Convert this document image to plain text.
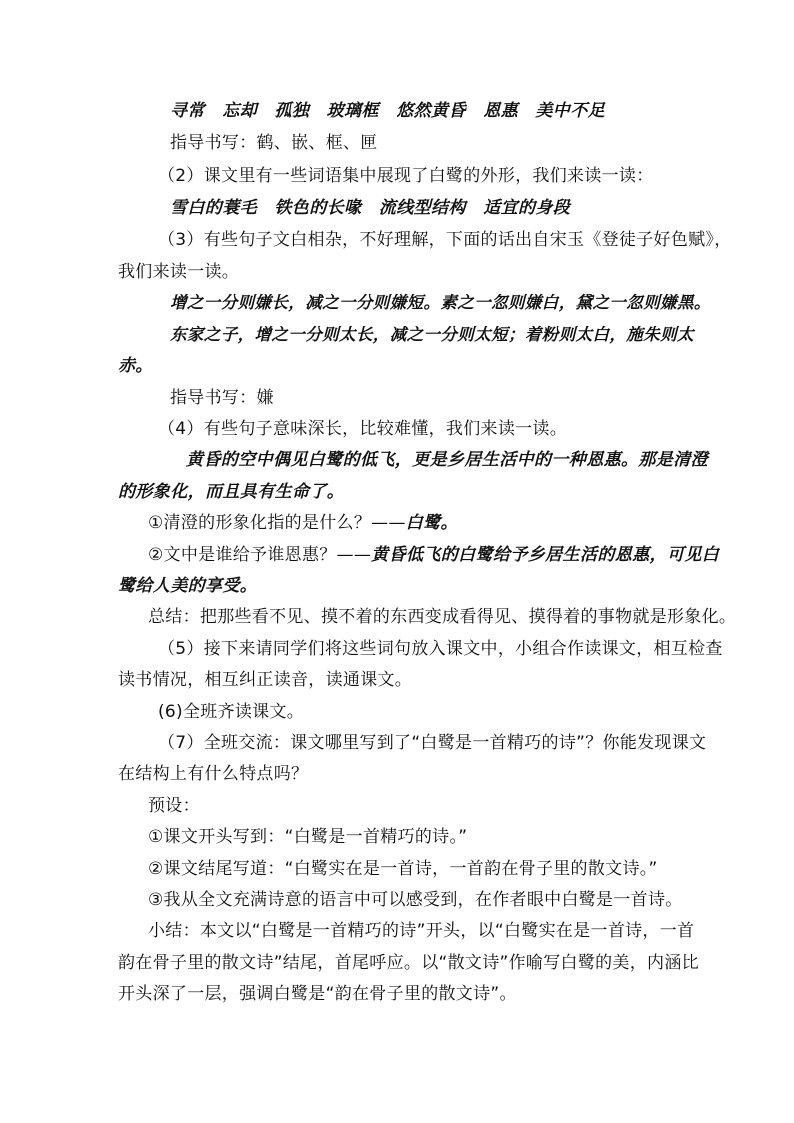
寻常　忘却　孤独　玻璃框　悠然黄昏　恩惠　美中不足
指导书写：鹤、嵌、框、匣
（2）课文里有一些词语集中展现了白鹭的外形，我们来读一读：
雪白的蓑毛　铁色的长喙　流线型结构　适宜的身段
（3）有些句子文白相杂，不好理解，下面的话出自宋玉《登徒子好色赋》，
我们来读一读。
增之一分则嫌长，减之一分则嫌短。素之一忽则嫌白，黛之一忽则嫌黑。
东家之子，增之一分则太长，减之一分则太短；着粉则太白，施朱则太
赤。
指导书写：嫌
（4）有些句子意味深长，比较难懂，我们来读一读。
黄昏的空中偶见白鹭的低飞，更是乡居生活中的一种恩惠。那是清澄
的形象化，而且具有生命了。
①清澄的形象化指的是什么？——白鹭。
②文中是谁给予谁恩惠？——黄昏低飞的白鹭给予乡居生活的恩惠，可见白
鹭给人美的享受。
总结：把那些看不见、摸不着的东西变成看得见、摸得着的事物就是形象化。
（5）接下来请同学们将这些词句放入课文中，小组合作读课文，相互检查
读书情况，相互纠正读音，读通课文。
(6)全班齐读课文。
（7）全班交流：课文哪里写到了“白鹭是一首精巧的诗”？你能发现课文
在结构上有什么特点吗？
预设：
①课文开头写到：“白鹭是一首精巧的诗。”
②课文结尾写道：“白鹭实在是一首诗，一首韵在骨子里的散文诗。”
③我从全文充满诗意的语言中可以感受到，在作者眼中白鹭是一首诗。
小结：本文以“白鹭是一首精巧的诗”开头，以“白鹭实在是一首诗，一首
韵在骨子里的散文诗”结尾，首尾呼应。以“散文诗”作喻写白鹭的美，内涵比
开头深了一层，强调白鹭是“韵在骨子里的散文诗”。
